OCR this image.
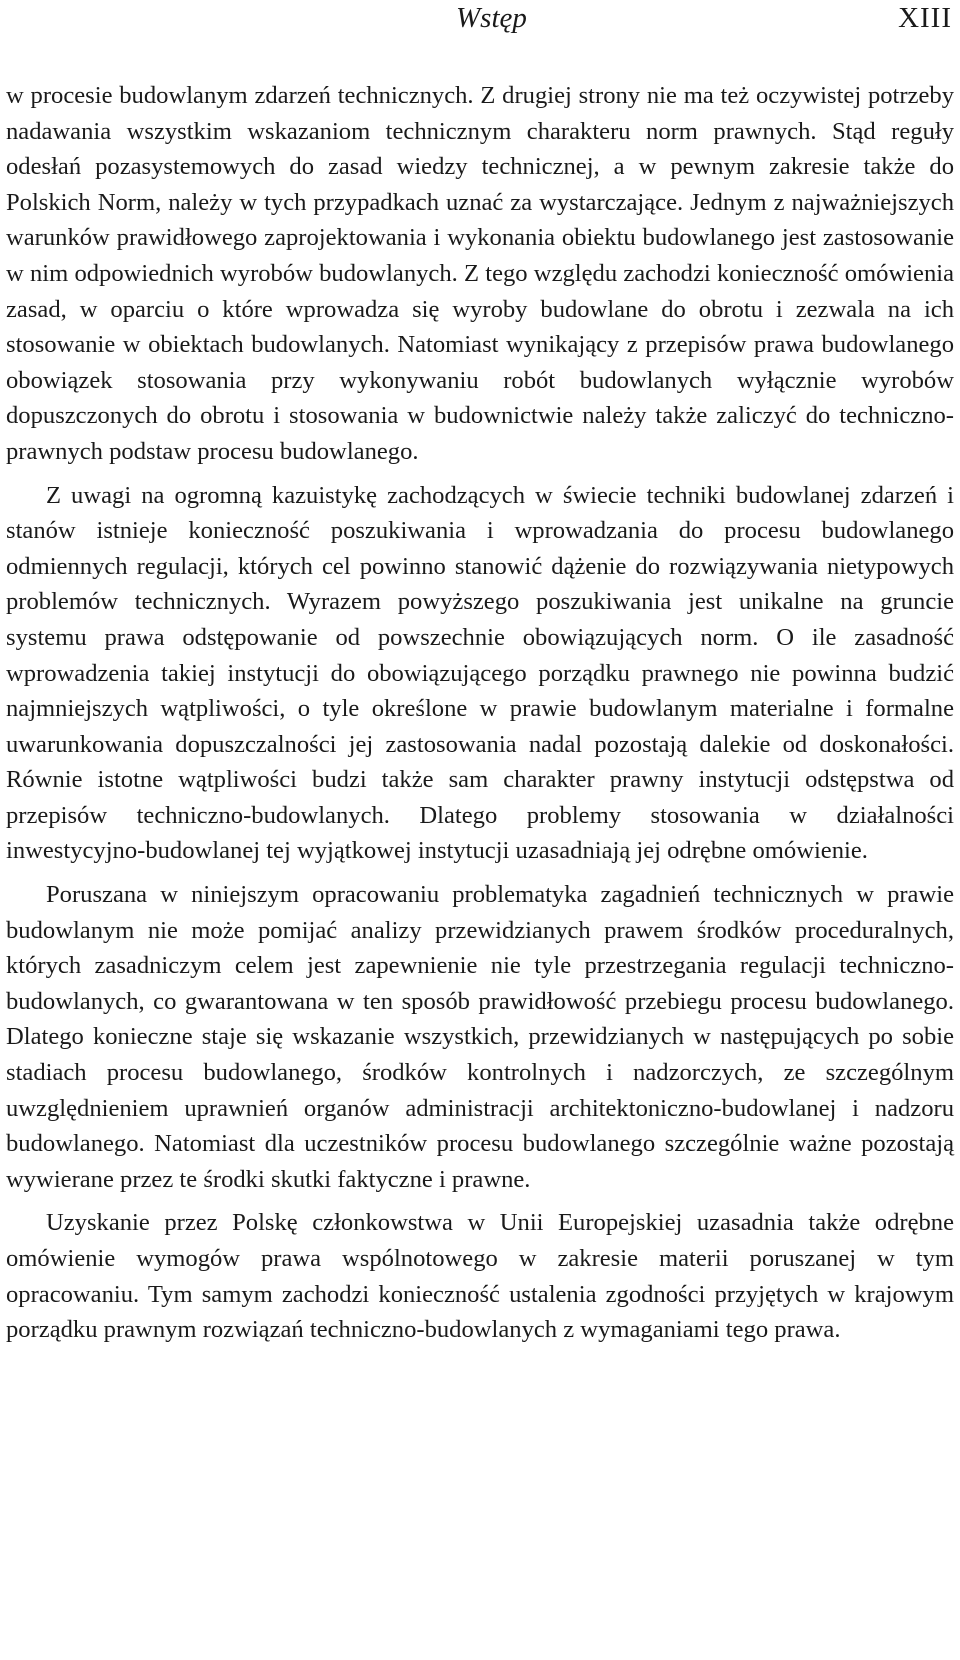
Wstęp	XIII

w procesie budowlanym zdarzeń technicznych. Z drugiej strony nie ma też oczywistej potrzeby nadawania wszystkim wskazaniom technicznym charakteru norm prawnych. Stąd reguły odesłań pozasystemowych do zasad wiedzy technicznej, a w pewnym zakresie także do Polskich Norm, należy w tych przypadkach uznać za wystarczające. Jednym z najważniejszych warunków prawidłowego zaprojektowania i wykonania obiektu budowlanego jest zastosowanie w nim odpowiednich wyrobów budowlanych. Z tego względu zachodzi konieczność omówienia zasad, w oparciu o które wprowadza się wyroby budowlane do obrotu i zezwala na ich stosowanie w obiektach budowlanych. Natomiast wynikający z przepisów prawa budowlanego obowiązek stosowania przy wykonywaniu robót budowlanych wyłącznie wyrobów dopuszczonych do obrotu i stosowania w budownictwie należy także zaliczyć do techniczno-prawnych podstaw procesu budowlanego.

Z uwagi na ogromną kazuistykę zachodzących w świecie techniki budowlanej zdarzeń i stanów istnieje konieczność poszukiwania i wprowadzania do procesu budowlanego odmiennych regulacji, których cel powinno stanowić dążenie do rozwiązywania nietypowych problemów technicznych. Wyrazem powyższego poszukiwania jest unikalne na gruncie systemu prawa odstępowanie od powszechnie obowiązujących norm. O ile zasadność wprowadzenia takiej instytucji do obowiązującego porządku prawnego nie powinna budzić najmniejszych wątpliwości, o tyle określone w prawie budowlanym materialne i formalne uwarunkowania dopuszczalności jej zastosowania nadal pozostają dalekie od doskonałości. Równie istotne wątpliwości budzi także sam charakter prawny instytucji odstępstwa od przepisów techniczno-budowlanych. Dlatego problemy stosowania w działalności inwestycyjno-budowlanej tej wyjątkowej instytucji uzasadniają jej odrębne omówienie.

Poruszana w niniejszym opracowaniu problematyka zagadnień technicznych w prawie budowlanym nie może pomijać analizy przewidzianych prawem środków proceduralnych, których zasadniczym celem jest zapewnienie nie tyle przestrzegania regulacji techniczno-budowlanych, co gwarantowana w ten sposób prawidłowość przebiegu procesu budowlanego. Dlatego konieczne staje się wskazanie wszystkich, przewidzianych w następujących po sobie stadiach procesu budowlanego, środków kontrolnych i nadzorczych, ze szczególnym uwzględnieniem uprawnień organów administracji architektoniczno-budowlanej i nadzoru budowlanego. Natomiast dla uczestników procesu budowlanego szczególnie ważne pozostają wywierane przez te środki skutki faktyczne i prawne.

Uzyskanie przez Polskę członkowstwa w Unii Europejskiej uzasadnia także odrębne omówienie wymogów prawa wspólnotowego w zakresie materii poruszanej w tym opracowaniu. Tym samym zachodzi konieczność ustalenia zgodności przyjętych w krajowym porządku prawnym rozwiązań techniczno-budowlanych z wymaganiami tego prawa.
